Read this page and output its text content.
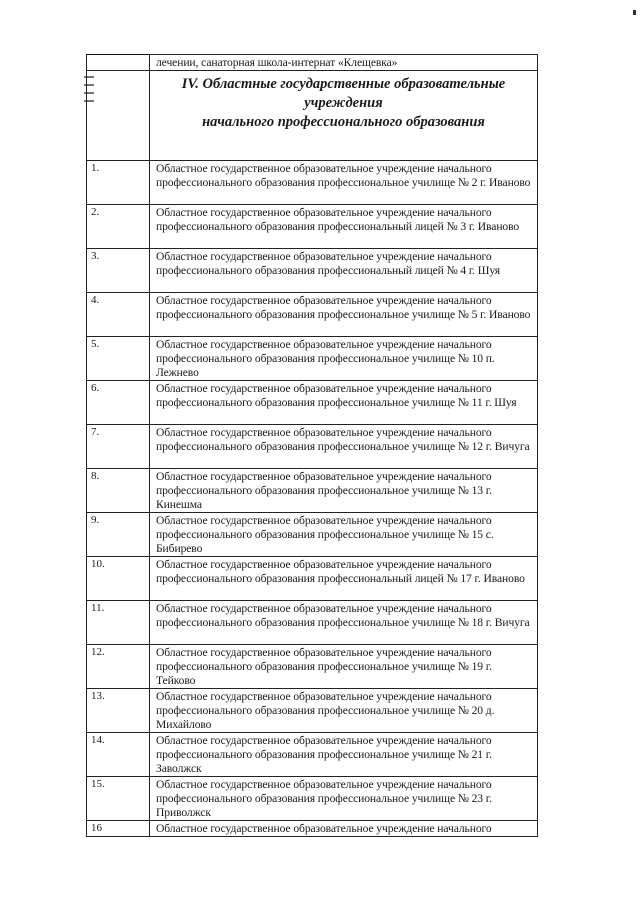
	лечении, санаторная школа-интернат «Клещевка»

	IV. Областные государственные образовательные
учреждения
начального профессионального образования

1.	Областное государственное образовательное учреждение начального профессионального образования профессиональное училище № 2 г. Иваново
2.	Областное государственное образовательное учреждение начального профессионального образования профессиональный лицей № 3 г. Иваново
3.	Областное государственное образовательное учреждение начального профессионального образования профессиональный лицей № 4 г. Шуя
4.	Областное государственное образовательное учреждение начального профессионального образования профессиональное училище № 5 г. Иваново
5.	Областное государственное образовательное учреждение начального профессионального образования профессиональное училище № 10 п. Лежнево
6.	Областное государственное образовательное учреждение начального профессионального образования профессиональное училище № 11 г. Шуя
7.	Областное государственное образовательное учреждение начального профессионального образования профессиональное училище № 12 г. Вичуга
8.	Областное государственное образовательное учреждение начального профессионального образования профессиональное училище № 13 г. Кинешма
9.	Областное государственное образовательное учреждение начального профессионального образования профессиональное училище № 15 с. Бибирево
10.	Областное государственное образовательное учреждение начального профессионального образования профессиональный лицей № 17 г. Иваново
11.	Областное государственное образовательное учреждение начального профессионального образования профессиональное училище № 18 г. Вичуга
12.	Областное государственное образовательное учреждение начального профессионального образования профессиональное училище № 19 г. Тейково
13.	Областное государственное образовательное учреждение начального профессионального образования профессиональное училище № 20 д. Михайлово
14.	Областное государственное образовательное учреждение начального профессионального образования профессиональное училище № 21 г. Заволжск
15.	Областное государственное образовательное учреждение начального профессионального образования профессиональное училище № 23 г. Приволжск
16	Областное государственное образовательное учреждение начального
